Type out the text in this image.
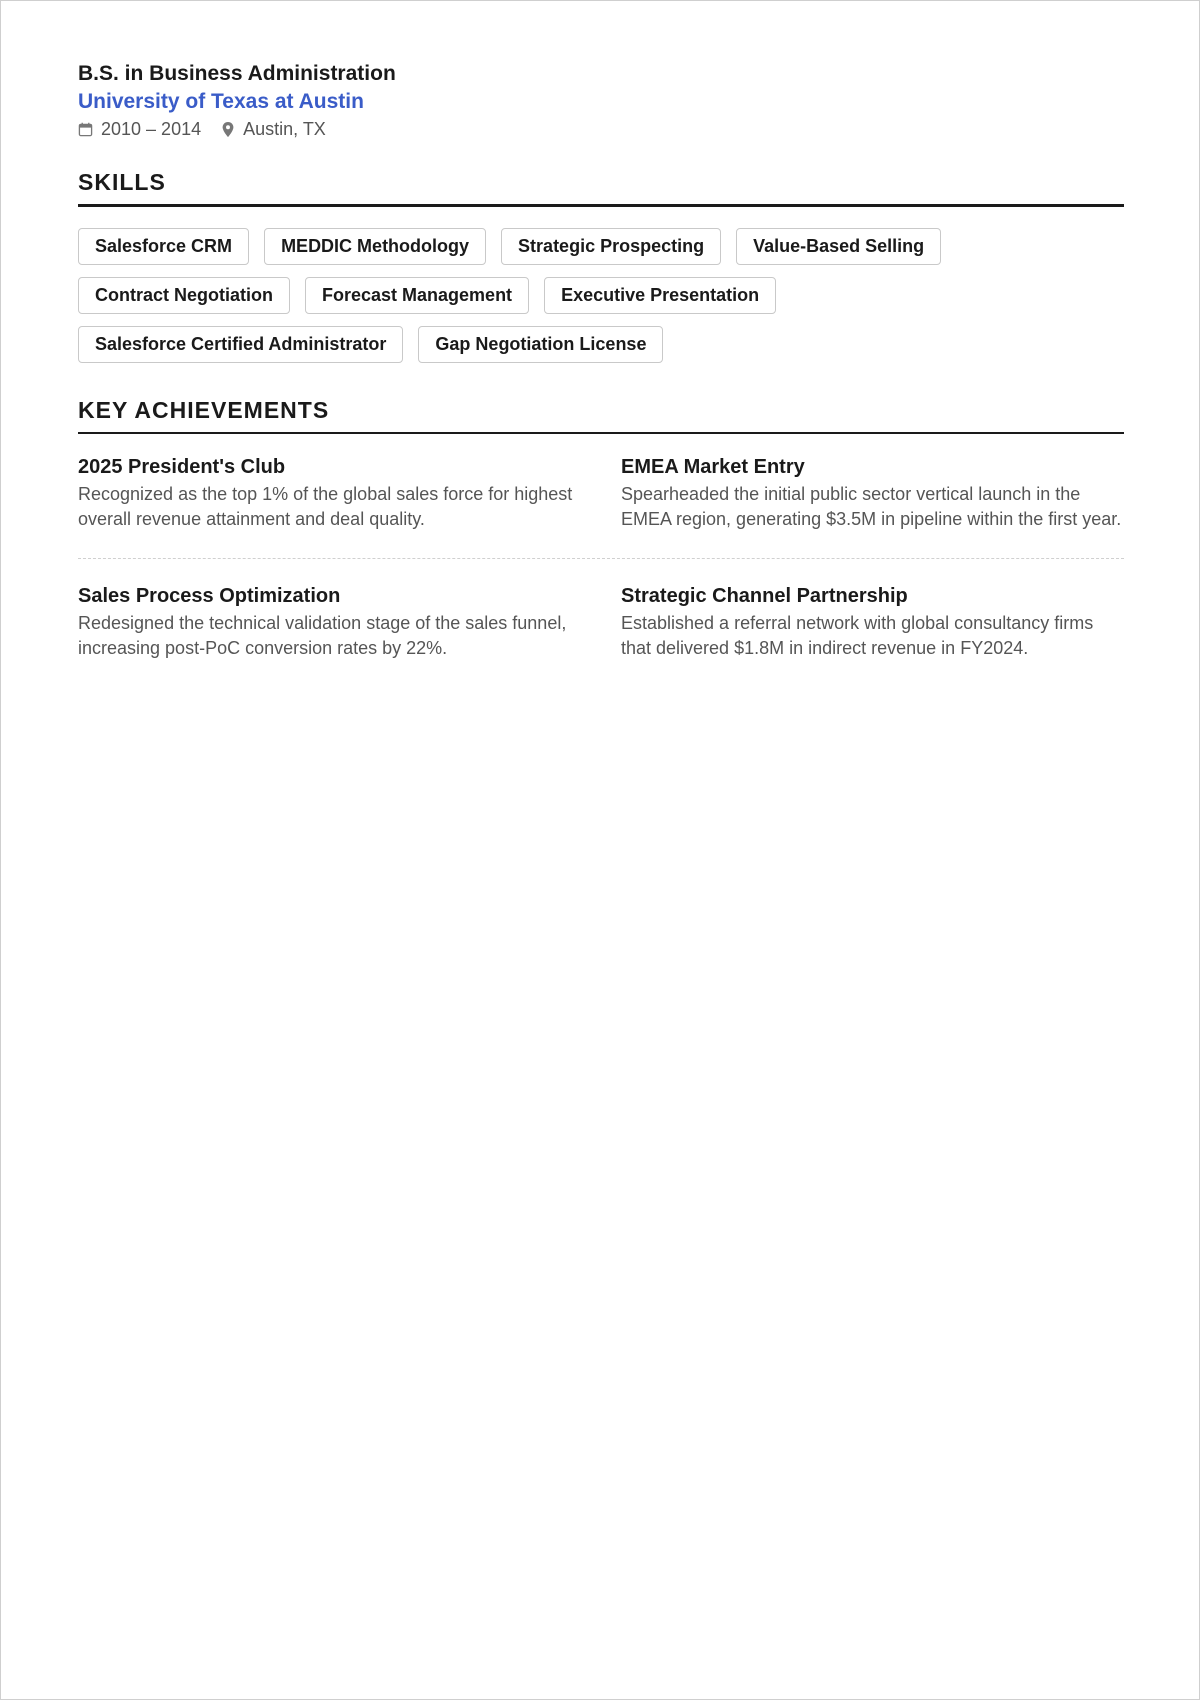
B.S. in Business Administration
University of Texas at Austin
2010 – 2014 Austin, TX
SKILLS
Salesforce CRM	MEDDIC Methodology	Strategic Prospecting	Value-Based Selling
Contract Negotiation	Forecast Management	Executive Presentation
Salesforce Certified Administrator	Gap Negotiation License
KEY ACHIEVEMENTS
2025 President's Club

Recognized as the top 1% of the global sales force for highest overall revenue attainment and deal quality.

EMEA Market Entry

Spearheaded the initial public sector vertical launch in the EMEA region, generating $3.5M in pipeline within the first year.

Sales Process Optimization

Redesigned the technical validation stage of the sales funnel, increasing post-PoC conversion rates by 22%.

Strategic Channel Partnership

Established a referral network with global consultancy firms that delivered $1.8M in indirect revenue in FY2024.
